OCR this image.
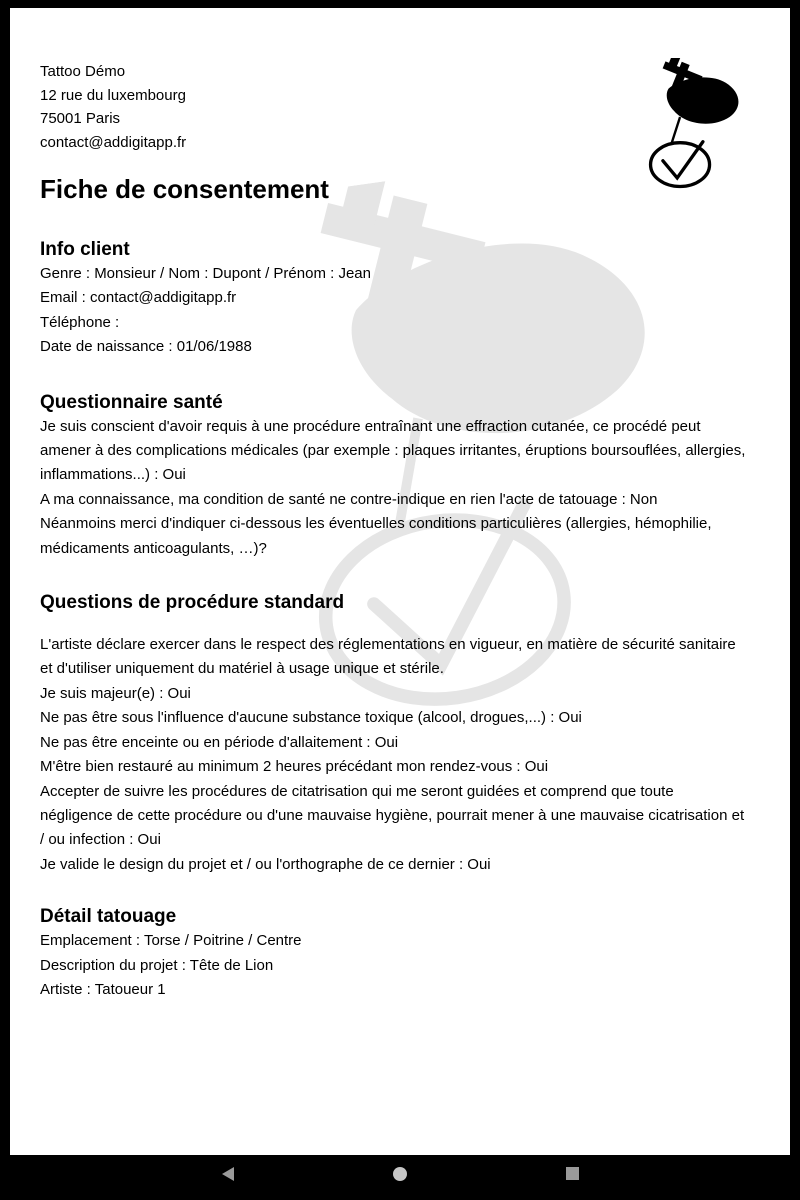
Tattoo Démo
12 rue du luxembourg
75001 Paris
contact@addigitapp.fr
Fiche de consentement
Info client

Genre : Monsieur / Nom : Dupont / Prénom : Jean

Email : contact@addigitapp.fr

Téléphone :

Date de naissance : 01/06/1988

Questionnaire santé

Je suis conscient d'avoir requis à une procédure entraînant une effraction cutanée, ce procédé peut amener à des complications médicales (par exemple : plaques irritantes, éruptions boursouflées, allergies, inflammations...) : Oui

A ma connaissance, ma condition de santé ne contre-indique en rien l'acte de tatouage : Non

Néanmoins merci d'indiquer ci-dessous les éventuelles conditions particulières (allergies, hémophilie, médicaments anticoagulants, …)?

Questions de procédure standard

L'artiste déclare exercer dans le respect des réglementations en vigueur, en matière de sécurité sanitaire et d'utiliser uniquement du matériel à usage unique et stérile.

Je suis majeur(e) : Oui

Ne pas être sous l'influence d'aucune substance toxique (alcool, drogues,...) : Oui

Ne pas être enceinte ou en période d'allaitement : Oui

M'être bien restauré au minimum 2 heures précédant mon rendez-vous : Oui

Accepter de suivre les procédures de citatrisation qui me seront guidées et comprend que toute négligence de cette procédure ou d'une mauvaise hygiène, pourrait mener à une mauvaise cicatrisation et / ou infection : Oui

Je valide le design du projet et / ou l'orthographe de ce dernier : Oui

Détail tatouage

Emplacement : Torse / Poitrine / Centre

Description du projet : Tête de Lion

Artiste : Tatoueur 1
